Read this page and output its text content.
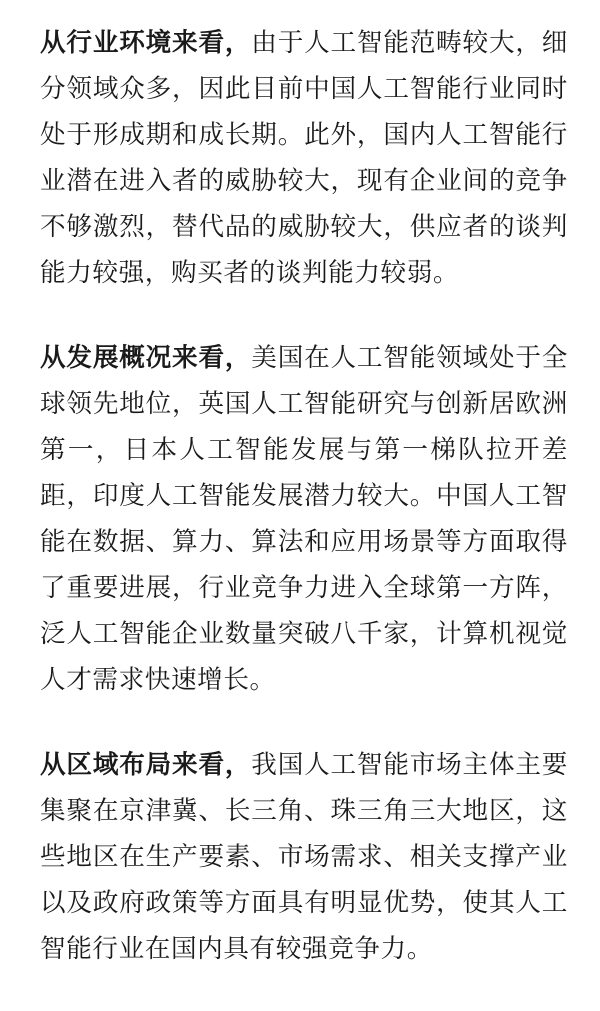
从行业环境来看，由于人工智能范畴较大，细分领域众多，因此目前中国人工智能行业同时处于形成期和成长期。此外，国内人工智能行业潜在进入者的威胁较大，现有企业间的竞争不够激烈，替代品的威胁较大，供应者的谈判能力较强，购买者的谈判能力较弱。

从发展概况来看，美国在人工智能领域处于全球领先地位，英国人工智能研究与创新居欧洲第一，日本人工智能发展与第一梯队拉开差距，印度人工智能发展潜力较大。中国人工智能在数据、算力、算法和应用场景等方面取得了重要进展，行业竞争力进入全球第一方阵，泛人工智能企业数量突破八千家，计算机视觉人才需求快速增长。

从区域布局来看，我国人工智能市场主体主要集聚在京津冀、长三角、珠三角三大地区，这些地区在生产要素、市场需求、相关支撑产业以及政府政策等方面具有明显优势，使其人工智能行业在国内具有较强竞争力。
